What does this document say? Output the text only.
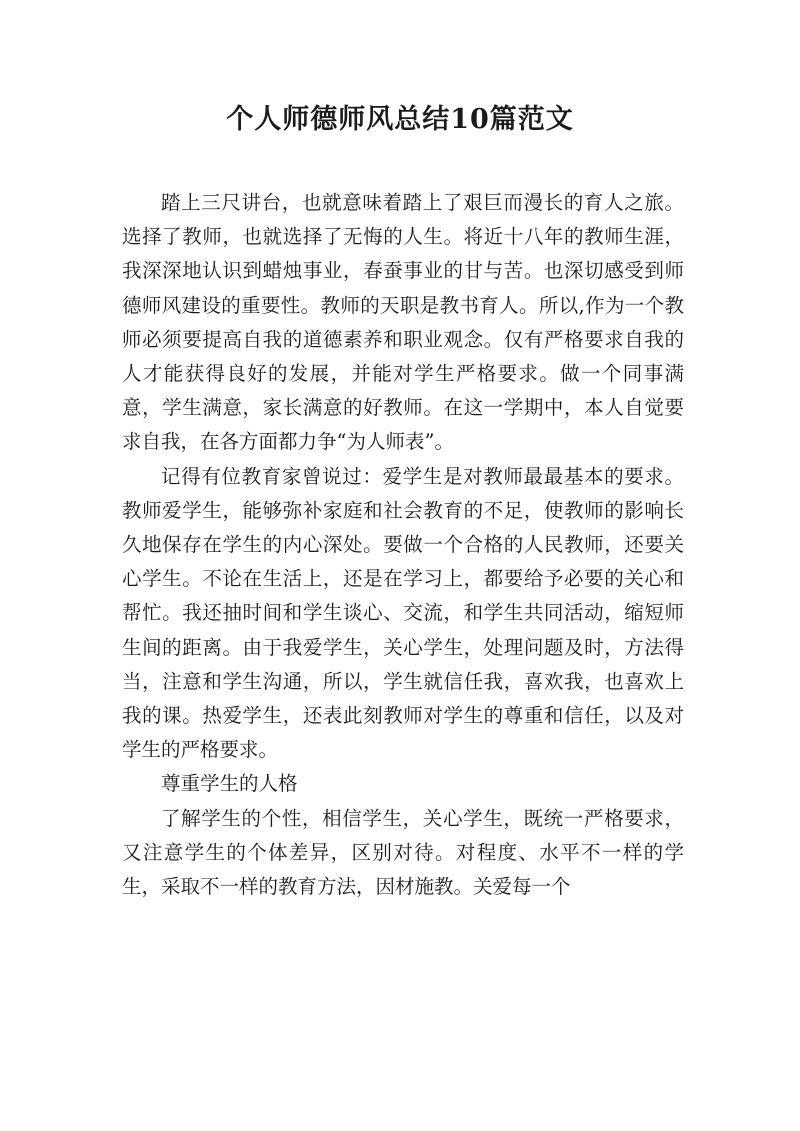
个人师德师风总结10篇范文

踏上三尺讲台，也就意味着踏上了艰巨而漫长的育人之旅。选择了教师，也就选择了无悔的人生。将近十八年的教师生涯，我深深地认识到蜡烛事业，春蚕事业的甘与苦。也深切感受到师德师风建设的重要性。教师的天职是教书育人。所以,作为一个教师必须要提高自我的道德素养和职业观念。仅有严格要求自我的人才能获得良好的发展，并能对学生严格要求。做一个同事满意，学生满意，家长满意的好教师。在这一学期中，本人自觉要求自我，在各方面都力争“为人师表”。

记得有位教育家曾说过：爱学生是对教师最最基本的要求。教师爱学生，能够弥补家庭和社会教育的不足，使教师的影响长久地保存在学生的内心深处。要做一个合格的人民教师，还要关心学生。不论在生活上，还是在学习上，都要给予必要的关心和帮忙。我还抽时间和学生谈心、交流，和学生共同活动，缩短师生间的距离。由于我爱学生，关心学生，处理问题及时，方法得当，注意和学生沟通，所以，学生就信任我，喜欢我，也喜欢上我的课。热爱学生，还表此刻教师对学生的尊重和信任，以及对学生的严格要求。

尊重学生的人格

了解学生的个性，相信学生，关心学生，既统一严格要求，又注意学生的个体差异，区别对待。对程度、水平不一样的学生，采取不一样的教育方法，因材施教。关爱每一个
